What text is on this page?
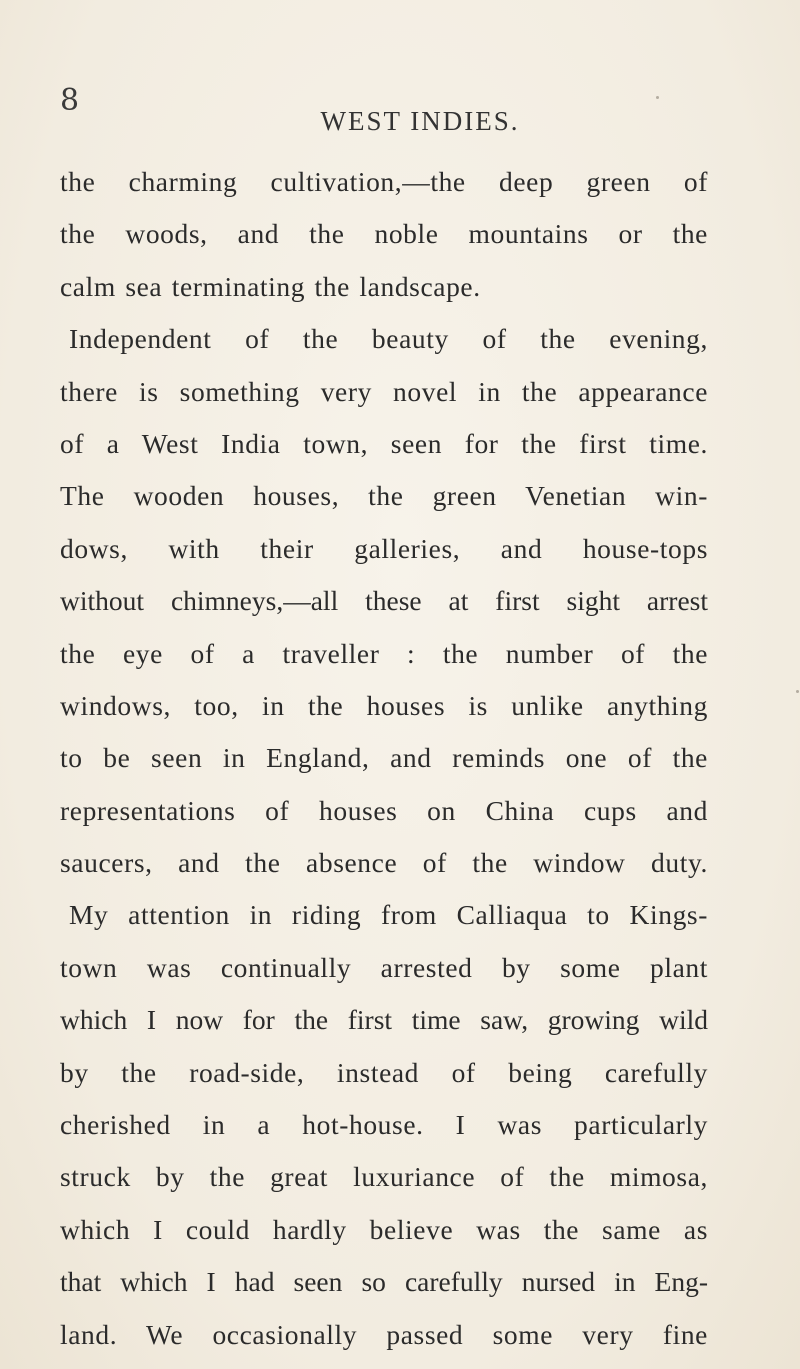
8
WEST INDIES.
the charming cultivation,—the deep green of
the woods, and the noble mountains or the
calm sea terminating the landscape.
Independent of the beauty of the evening,
there is something very novel in the appearance
of a West India town, seen for the first time.
The wooden houses, the green Venetian win-
dows, with their galleries, and house-tops
without chimneys,—all these at first sight arrest
the eye of a traveller : the number of the
windows, too, in the houses is unlike anything
to be seen in England, and reminds one of the
representations of houses on China cups and
saucers, and the absence of the window duty.
My attention in riding from Calliaqua to Kings-
town was continually arrested by some plant
which I now for the first time saw, growing wild
by the road-side, instead of being carefully
cherished in a hot-house. I was particularly
struck by the great luxuriance of the mimosa,
which I could hardly believe was the same as
that which I had seen so carefully nursed in Eng-
land. We occasionally passed some very fine
